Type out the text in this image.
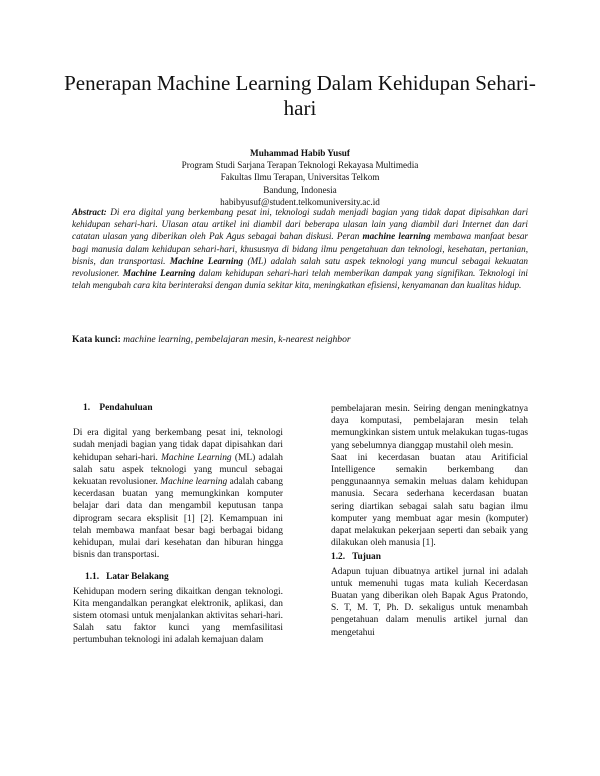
Penerapan Machine Learning Dalam Kehidupan Sehari-hari
Muhammad Habib Yusuf
Program Studi Sarjana Terapan Teknologi Rekayasa Multimedia
Fakultas Ilmu Terapan, Universitas Telkom
Bandung, Indonesia
habibyusuf@student.telkomuniversity.ac.id

Abstract: Di era digital yang berkembang pesat ini, teknologi sudah menjadi bagian yang tidak dapat dipisahkan dari kehidupan sehari-hari. Ulasan atau artikel ini diambil dari beberapa ulasan lain yang diambil dari Internet dan dari catatan ulasan yang diberikan oleh Pak Agus sebagai bahan diskusi. Peran machine learning membawa manfaat besar bagi manusia dalam kehidupan sehari-hari, khususnya di bidang ilmu pengetahuan dan teknologi, kesehatan, pertanian, bisnis, dan transportasi. Machine Learning (ML) adalah salah satu aspek teknologi yang muncul sebagai kekuatan revolusioner. Machine Learning dalam kehidupan sehari-hari telah memberikan dampak yang signifikan. Teknologi ini telah mengubah cara kita berinteraksi dengan dunia sekitar kita, meningkatkan efisiensi, kenyamanan dan kualitas hidup.

Kata kunci: machine learning, pembelajaran mesin, k-nearest neighbor

1.    Pendahuluan

Di era digital yang berkembang pesat ini, teknologi sudah menjadi bagian yang tidak dapat dipisahkan dari kehidupan sehari-hari. Machine Learning (ML) adalah salah satu aspek teknologi yang muncul sebagai kekuatan revolusioner. Machine learning adalah cabang kecerdasan buatan yang memungkinkan komputer belajar dari data dan mengambil keputusan tanpa diprogram secara eksplisit [1] [2]. Kemampuan ini telah membawa manfaat besar bagi berbagai bidang kehidupan, mulai dari kesehatan dan hiburan hingga bisnis dan transportasi.

1.1.   Latar Belakang

Kehidupan modern sering dikaitkan dengan teknologi. Kita mengandalkan perangkat elektronik, aplikasi, dan sistem otomasi untuk menjalankan aktivitas sehari-hari. Salah satu faktor kunci yang memfasilitasi pertumbuhan teknologi ini adalah kemajuan dalam

pembelajaran mesin. Seiring dengan meningkatnya daya komputasi, pembelajaran mesin telah memungkinkan sistem untuk melakukan tugas-tugas yang sebelumnya dianggap mustahil oleh mesin.

Saat ini kecerdasan buatan atau Aritificial Intelligence semakin berkembang dan penggunaannya semakin meluas dalam kehidupan manusia. Secara sederhana kecerdasan buatan sering diartikan sebagai salah satu bagian ilmu komputer yang membuat agar mesin (komputer) dapat melakukan pekerjaan seperti dan sebaik yang dilakukan oleh manusia [1].

1.2.   Tujuan

Adapun tujuan dibuatnya artikel jurnal ini adalah untuk memenuhi tugas mata kuliah Kecerdasan Buatan yang diberikan oleh Bapak Agus Pratondo, S. T, M. T, Ph. D. sekaligus untuk menambah pengetahuan dalam menulis artikel jurnal dan mengetahui
